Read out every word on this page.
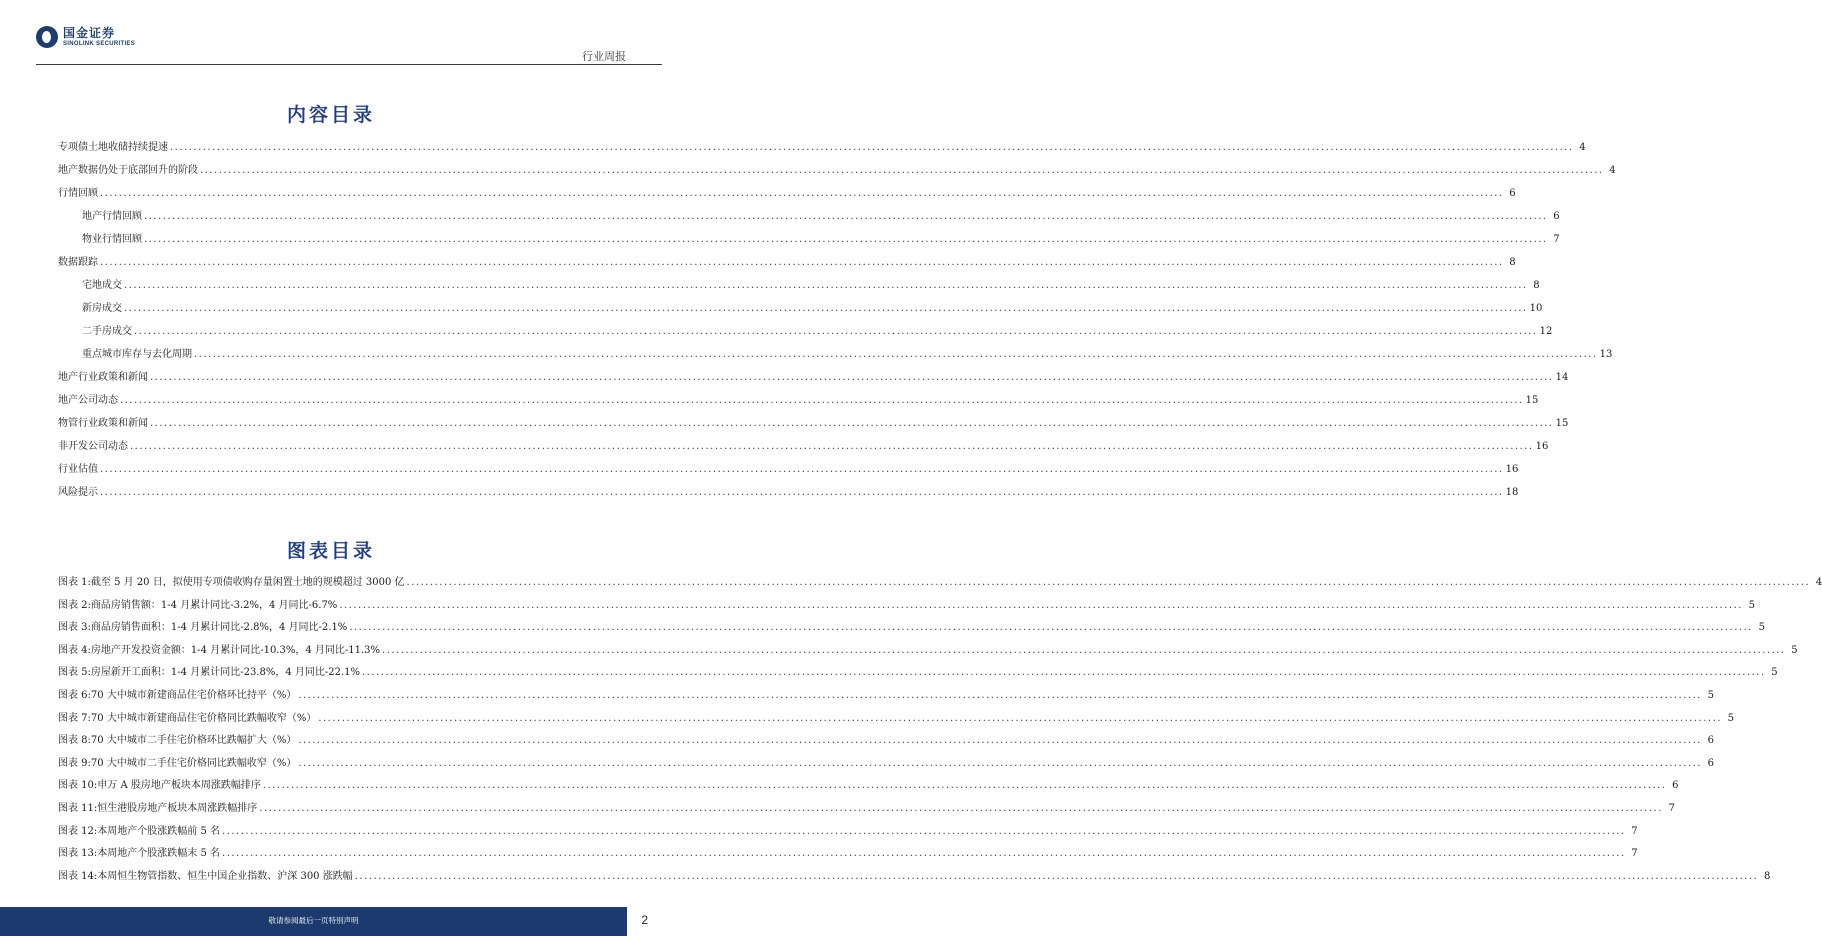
国金证券
SINOLINK SECURITIES
行业周报
内容目录
专项债土地收储持续提速 ............................................................................................................................................................................................................................................................................................................ 4
地产数据仍处于底部回升的阶段 ............................................................................................................................................................................................................................................................................................................ 4
行情回顾 ............................................................................................................................................................................................................................................................................................................ 6
地产行情回顾 ............................................................................................................................................................................................................................................................................................................ 6
物业行情回顾 ............................................................................................................................................................................................................................................................................................................ 7
数据跟踪 ............................................................................................................................................................................................................................................................................................................ 8
宅地成交 ............................................................................................................................................................................................................................................................................................................ 8
新房成交 ............................................................................................................................................................................................................................................................................................................ 10
二手房成交 ............................................................................................................................................................................................................................................................................................................ 12
重点城市库存与去化周期 ............................................................................................................................................................................................................................................................................................................ 13
地产行业政策和新闻 ............................................................................................................................................................................................................................................................................................................ 14
地产公司动态 ............................................................................................................................................................................................................................................................................................................ 15
物管行业政策和新闻 ............................................................................................................................................................................................................................................................................................................ 15
非开发公司动态 ............................................................................................................................................................................................................................................................................................................ 16
行业估值 ............................................................................................................................................................................................................................................................................................................ 16
风险提示 ............................................................................................................................................................................................................................................................................................................ 18
图表目录
图表 1: 截至 5 月 20 日，拟使用专项债收购存量闲置土地的规模超过 3000 亿 ............................................................................................................................................................................................................................................................................................................ 4
图表 2: 商品房销售额：1-4 月累计同比-3.2%，4 月同比-6.7% ............................................................................................................................................................................................................................................................................................................ 5
图表 3: 商品房销售面积：1-4 月累计同比-2.8%，4 月同比-2.1% ............................................................................................................................................................................................................................................................................................................ 5
图表 4: 房地产开发投资金额：1-4 月累计同比-10.3%，4 月同比-11.3% ............................................................................................................................................................................................................................................................................................................ 5
图表 5: 房屋新开工面积：1-4 月累计同比-23.8%，4 月同比-22.1% ............................................................................................................................................................................................................................................................................................................ 5
图表 6: 70 大中城市新建商品住宅价格环比持平（%） ............................................................................................................................................................................................................................................................................................................ 5
图表 7: 70 大中城市新建商品住宅价格同比跌幅收窄（%） ............................................................................................................................................................................................................................................................................................................ 5
图表 8: 70 大中城市二手住宅价格环比跌幅扩大（%） ............................................................................................................................................................................................................................................................................................................ 6
图表 9: 70 大中城市二手住宅价格同比跌幅收窄（%） ............................................................................................................................................................................................................................................................................................................ 6
图表 10: 申万 A 股房地产板块本周涨跌幅排序 ............................................................................................................................................................................................................................................................................................................ 6
图表 11: 恒生港股房地产板块本周涨跌幅排序 ............................................................................................................................................................................................................................................................................................................ 7
图表 12: 本周地产个股涨跌幅前 5 名 ............................................................................................................................................................................................................................................................................................................ 7
图表 13: 本周地产个股涨跌幅末 5 名 ............................................................................................................................................................................................................................................................................................................ 7
图表 14: 本周恒生物管指数、恒生中国企业指数、沪深 300 涨跌幅 ............................................................................................................................................................................................................................................................................................................ 8
敬请参阅最后一页特别声明	2
